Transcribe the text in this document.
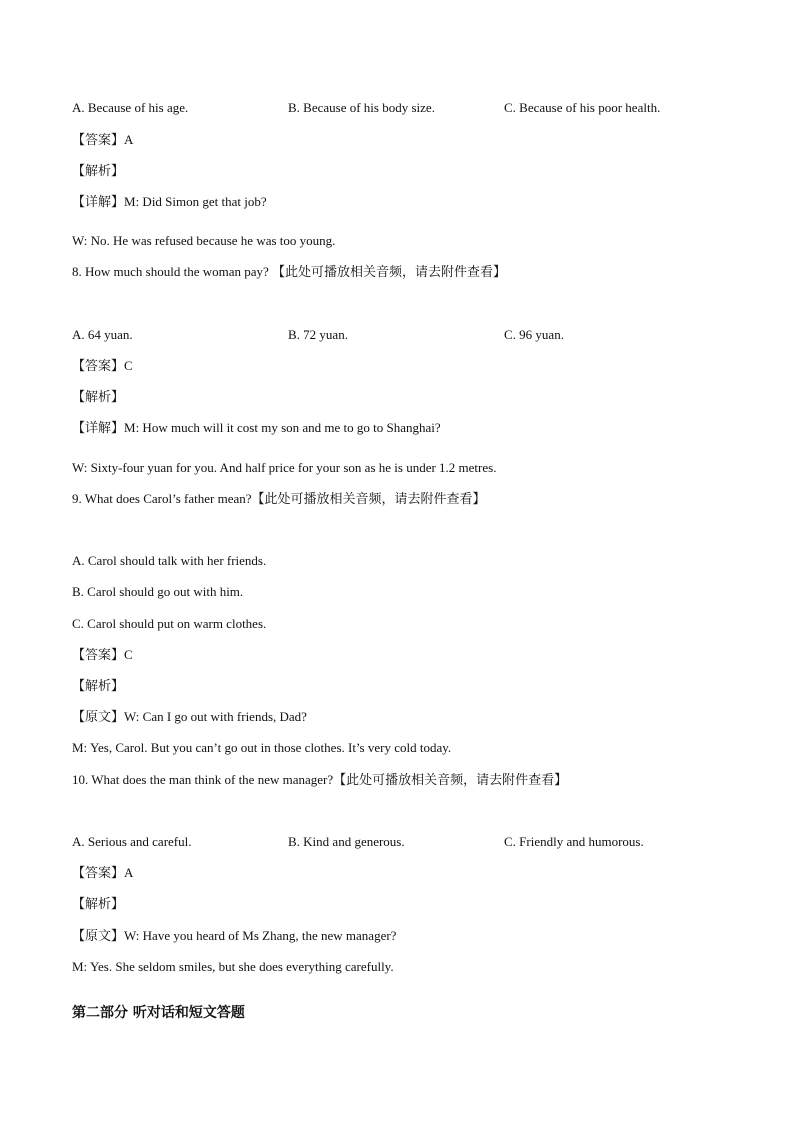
A. Because of his age.	B. Because of his body size.	C. Because of his poor health.
【答案】A
【解析】
【详解】M: Did Simon get that job?
W: No. He was refused because he was too young.
8. How much should the woman pay? 【此处可播放相关音频，请去附件查看】
A. 64 yuan.	B. 72 yuan.	C. 96 yuan.
【答案】C
【解析】
【详解】M: How much will it cost my son and me to go to Shanghai?
W: Sixty-four yuan for you. And half price for your son as he is under 1.2 metres.
9. What does Carol’s father mean?【此处可播放相关音频，请去附件查看】
A. Carol should talk with her friends.
B. Carol should go out with him.
C. Carol should put on warm clothes.
【答案】C
【解析】
【原文】W: Can I go out with friends, Dad?
M: Yes, Carol. But you can’t go out in those clothes. It’s very cold today.
10. What does the man think of the new manager?【此处可播放相关音频，请去附件查看】
A. Serious and careful.	B. Kind and generous.	C. Friendly and humorous.
【答案】A
【解析】
【原文】W: Have you heard of Ms Zhang, the new manager?
M: Yes. She seldom smiles, but she does everything carefully.
第二部分 听对话和短文答题
